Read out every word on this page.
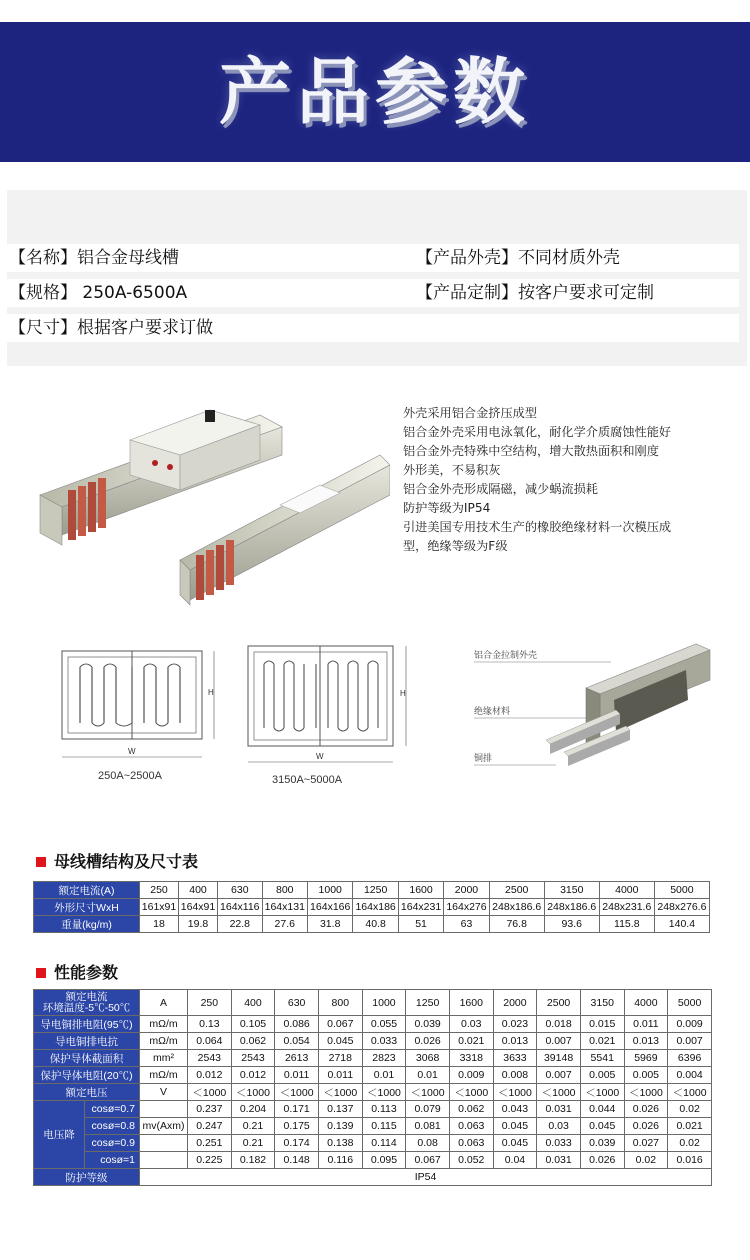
产品参数
【名称】铝合金母线槽	【产品外壳】不同材质外壳
【规格】 250A-6500A	【产品定制】按客户要求可定制
【尺寸】根据客户要求订做
外壳采用铝合金挤压成型
铝合金外壳采用电泳氧化，耐化学介质腐蚀性能好
铝合金外壳特殊中空结构，增大散热面积和刚度
外形美，不易积灰
铝合金外壳形成隔磁，减少蜗流损耗
防护等级为IP54
引进美国专用技术生产的橡胶绝缘材料一次模压成
型，绝缘等级为F级
W
H
250A~2500A
W
H
3150A~5000A
铝合金拉制外壳
绝缘材料
铜排
母线槽结构及尺寸表
额定电流(A)	250	400	630	800	1000	1250	1600	2000	2500	3150	4000	5000
外形尺寸WxH	161x91	164x91	164x116	164x131	164x166	164x186	164x231	164x276	248x186.6	248x186.6	248x231.6	248x276.6
重量(kg/m)	18	19.8	22.8	27.6	31.8	40.8	51	63	76.8	93.6	115.8	140.4
性能参数
额定电流
环境温度-5℃-50℃		A	250	400	630	800	1000	1250	1600	2000	2500	3150	4000	5000
导电铜排电阻(95℃)		mΩ/m	0.13	0.105	0.086	0.067	0.055	0.039	0.03	0.023	0.018	0.015	0.011	0.009
导电铜排电抗		mΩ/m	0.064	0.062	0.054	0.045	0.033	0.026	0.021	0.013	0.007	0.021	0.013	0.007
保护导体截面积		mm²	2543	2543	2613	2718	2823	3068	3318	3633	39148	5541	5969	6396
保护导体电阻(20℃)		mΩ/m	0.012	0.012	0.011	0.011	0.01	0.01	0.009	0.008	0.007	0.005	0.005	0.004
额定电压		V	＜1000	＜1000	＜1000	＜1000	＜1000	＜1000	＜1000	＜1000	＜1000	＜1000	＜1000	＜1000
电压降	cosø=0.7		0.237	0.204	0.171	0.137	0.113	0.079	0.062	0.043	0.031	0.044	0.026	0.02
	cosø=0.8	mv(Axm)	0.247	0.21	0.175	0.139	0.115	0.081	0.063	0.045	0.03	0.045	0.026	0.021
	cosø=0.9		0.251	0.21	0.174	0.138	0.114	0.08	0.063	0.045	0.033	0.039	0.027	0.02
	cosø=1		0.225	0.182	0.148	0.116	0.095	0.067	0.052	0.04	0.031	0.026	0.02	0.016
防护等级		IP54												
